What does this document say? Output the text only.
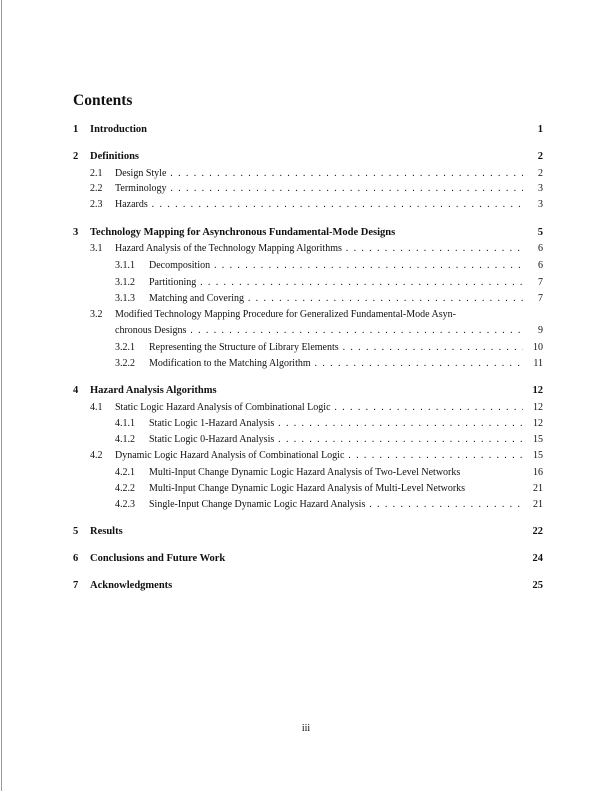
Contents
1 Introduction	1
2 Definitions	2
2.1 Design Style . . .	2
2.2 Terminology . . .	3
2.3 Hazards . . .	3
3 Technology Mapping for Asynchronous Fundamental-Mode Designs	5
3.1 Hazard Analysis of the Technology Mapping Algorithms . . .	6
3.1.1 Decomposition . . .	6
3.1.2 Partitioning . . .	7
3.1.3 Matching and Covering . . .	7
3.2 Modified Technology Mapping Procedure for Generalized Fundamental-Mode Asyn-
chronous Designs . . .	9
3.2.1 Representing the Structure of Library Elements . . .	10
3.2.2 Modification to the Matching Algorithm . . .	11
4 Hazard Analysis Algorithms	12
4.1 Static Logic Hazard Analysis of Combinational Logic . . .	12
4.1.1 Static Logic 1-Hazard Analysis . . .	12
4.1.2 Static Logic 0-Hazard Analysis . . .	15
4.2 Dynamic Logic Hazard Analysis of Combinational Logic . . .	15
4.2.1 Multi-Input Change Dynamic Logic Hazard Analysis of Two-Level Networks	16
4.2.2 Multi-Input Change Dynamic Logic Hazard Analysis of Multi-Level Networks	21
4.2.3 Single-Input Change Dynamic Logic Hazard Analysis . . .	21
5 Results	22
6 Conclusions and Future Work	24
7 Acknowledgments	25
iii
